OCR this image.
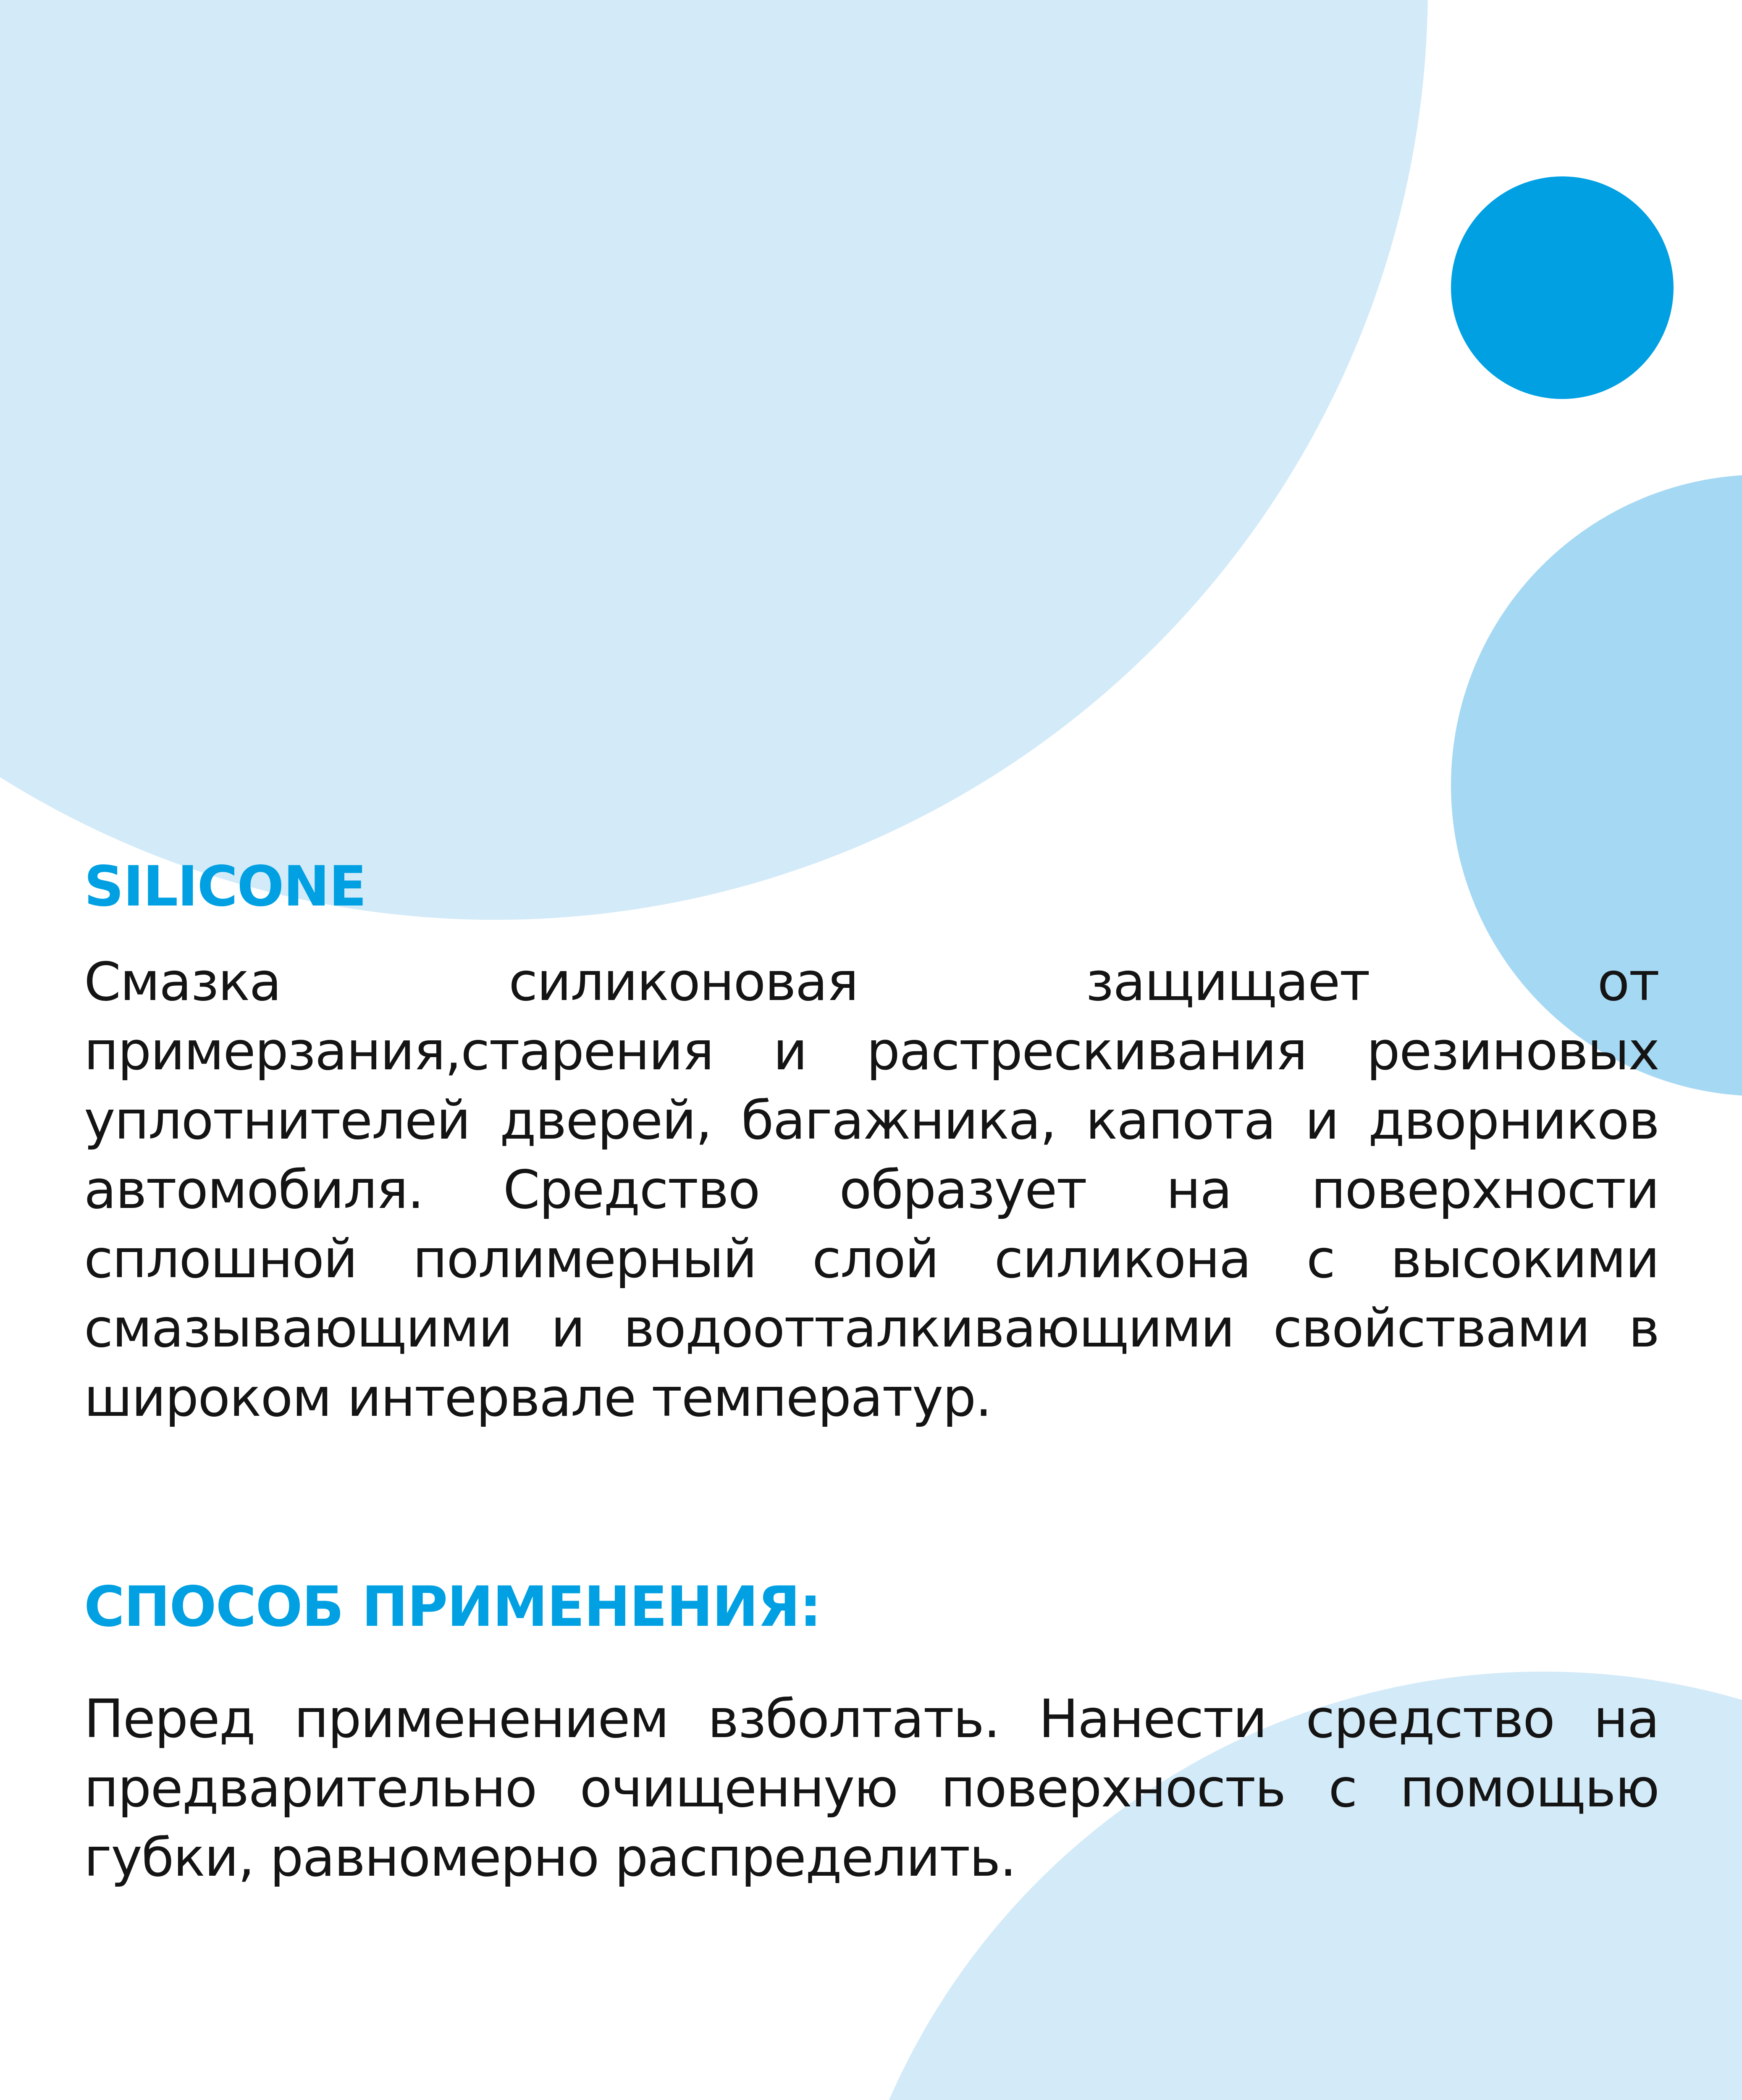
SILICONE

Смазка силиконовая защищает от примерзания,старения и растрескивания резиновых уплотнителей дверей, багажника, капота и дворников автомобиля. Средство образует на поверхности сплошной полимерный слой силикона с высокими смазывающими и водоотталкивающими свойствами в широком интервале температур.

СПОСОБ ПРИМЕНЕНИЯ:

Перед применением взболтать. Нанести средство на предварительно очищенную поверхность с помощью губки, равномерно распределить.
